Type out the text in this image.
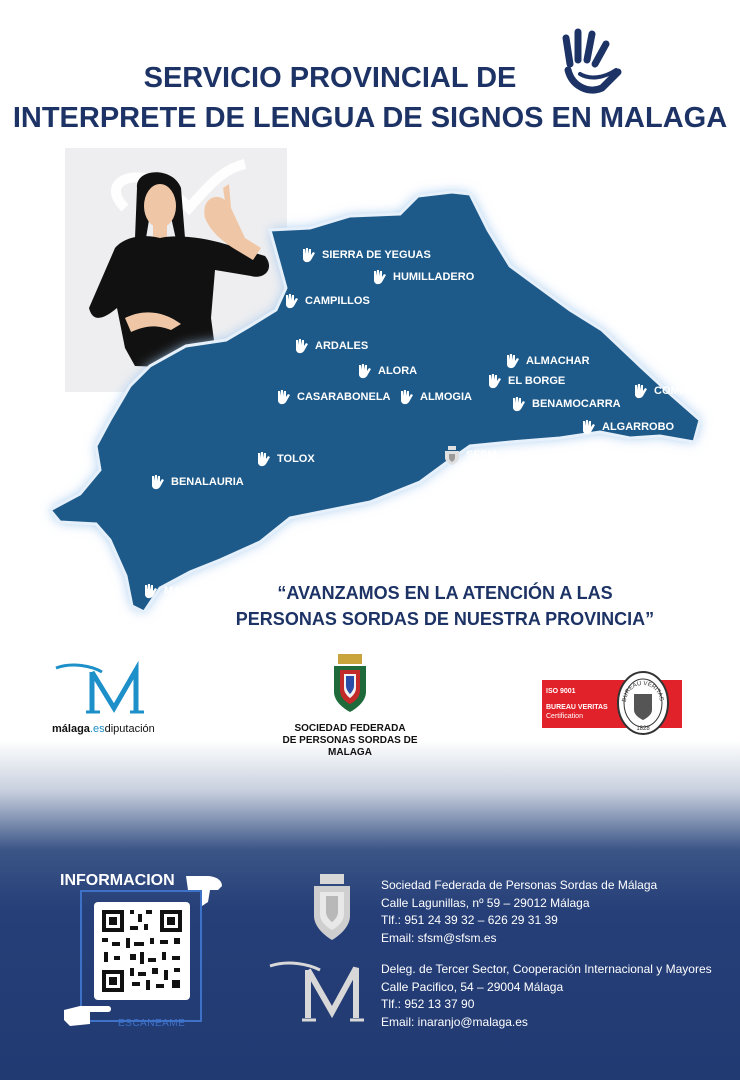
SERVICIO PROVINCIAL DE
INTERPRETE DE LENGUA DE SIGNOS EN MALAGA
SIERRA DE YEGUAS
HUMILLADERO
CAMPILLOS
ARDALES
ALORA
CASARABONELA	ALMOGIA
ALMACHAR
EL BORGE
BENAMOCARRA
COMPETA
ALGARROBO
TOLOX	SFSM
BENALAURIA
MANILVA	“AVANZAMOS EN LA ATENCIÓN A LAS
PERSONAS SORDAS DE NUESTRA PROVINCIA”
málaga.esdiputación	SOCIEDAD FEDERADA
DE PERSONAS SORDAS DE MALAGA
ISO 9001
BUREAU VERITAS
Certification
BUREAU VERITAS
1828
INFORMACION
ESCANEAME
Sociedad Federada de Personas Sordas de Málaga
Calle Lagunillas, nº 59 – 29012 Málaga
Tlf.: 951 24 39 32 – 626 29 31 39
Email: sfsm@sfsm.es
Deleg. de Tercer Sector, Cooperación Internacional y Mayores
Calle Pacifico, 54 – 29004 Málaga
Tlf.: 952 13 37 90
Email: inaranjo@malaga.es
